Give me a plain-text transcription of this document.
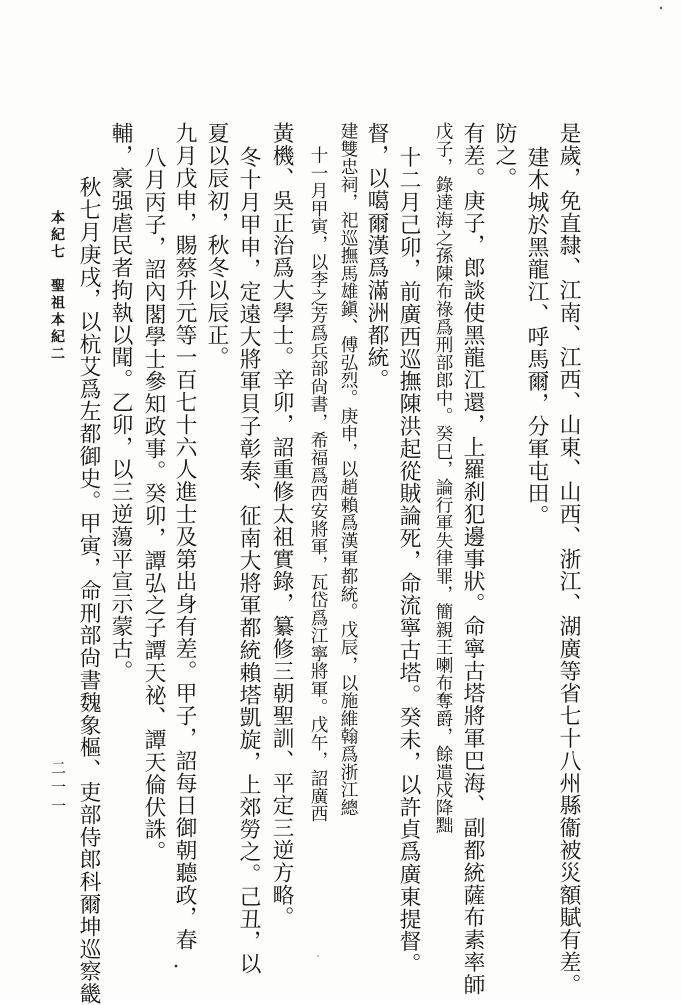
秋七月庚戌，以杭艾爲左都御史。甲寅，命刑部尙書魏象樞、吏部侍郎科爾坤巡察畿 輔，豪强虐民者拘執以聞。乙卯，以三逆蕩平宣示蒙古。 八月丙子，詔內閣學士參知政事。癸卯，譚弘之子譚天祕、譚天倫伏誅。 九月戊申，賜蔡升元等一百七十六人進士及第出身有差。甲子，詔每日御朝聽政，春 夏以辰初，秋冬以辰正。 冬十月甲申，定遠大將軍貝子彰泰、征南大將軍都統賴塔凱旋，上郊勞之。己丑，以 黃機、吳正治爲大學士。辛卯，詔重修太祖實錄，纂修三朝聖訓、平定三逆方略。 十一月甲寅，以李之芳爲兵部尙書，希福爲西安將軍，瓦岱爲江寧將軍。戊午，詔廣西 建雙忠祠，祀巡撫馬雄鎭、傅弘烈。庚申，以趙賴爲漢軍都統。戊辰，以施維翰爲浙江總 督，以噶爾漢爲滿洲都統。 十二月己卯，前廣西巡撫陳洪起從賊論死，命流寧古塔。癸未，以許貞爲廣東提督。 戊子，錄達海之孫陳布祿爲刑部郎中。癸巳，論行軍失律罪，簡親王喇布奪爵，餘遣戍降黜 有差。庚子，郎談使黑龍江還，上羅刹犯邊事狀。命寧古塔將軍巴海、副都統薩布素率師 防之。 建木城於黑龍江、呼馬爾，分軍屯田。 是歲，免直隸、江南、江西、山東、山西、浙江、湖廣等省七十八州縣衞被災額賦有差。
本紀七　聖祖本紀二
二一一
